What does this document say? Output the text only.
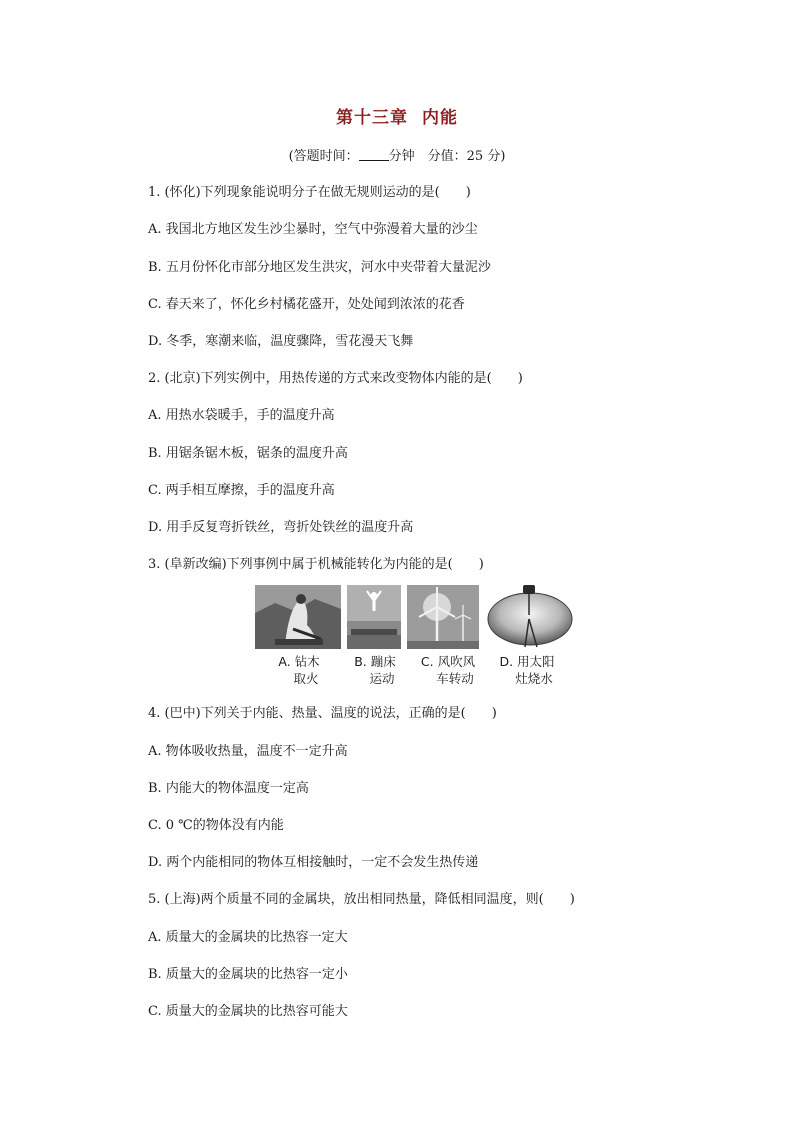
第十三章 内能
(答题时间： 分钟　分值：25 分)
1. (怀化)下列现象能说明分子在做无规则运动的是(　　)
A. 我国北方地区发生沙尘暴时，空气中弥漫着大量的沙尘
B. 五月份怀化市部分地区发生洪灾，河水中夹带着大量泥沙
C. 春天来了，怀化乡村橘花盛开，处处闻到浓浓的花香
D. 冬季，寒潮来临，温度骤降，雪花漫天飞舞
2. (北京)下列实例中，用热传递的方式来改变物体内能的是(　　)
A. 用热水袋暖手，手的温度升高
B. 用锯条锯木板，锯条的温度升高
C. 两手相互摩擦，手的温度升高
D. 用手反复弯折铁丝，弯折处铁丝的温度升高
3. (阜新改编)下列事例中属于机械能转化为内能的是(　　)
A. 钻木
取火
B. 蹦床
运动
C. 风吹风
车转动
D. 用太阳
灶烧水
4. (巴中)下列关于内能、热量、温度的说法，正确的是(　　)
A. 物体吸收热量，温度不一定升高
B. 内能大的物体温度一定高
C. 0 ℃的物体没有内能
D. 两个内能相同的物体互相接触时，一定不会发生热传递
5. (上海)两个质量不同的金属块，放出相同热量，降低相同温度，则(　　)
A. 质量大的金属块的比热容一定大
B. 质量大的金属块的比热容一定小
C. 质量大的金属块的比热容可能大
